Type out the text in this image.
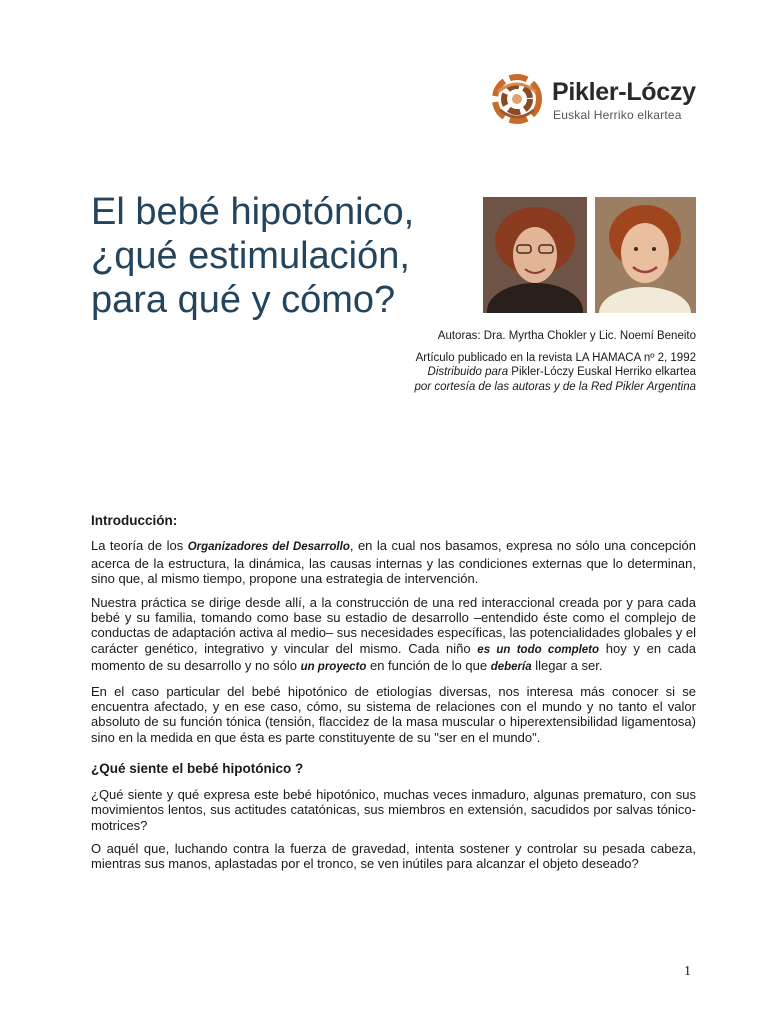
Pikler-Lóczy
Euskal Herriko elkartea
El bebé hipotónico,
¿qué estimulación,
para qué y cómo?
Autoras: Dra. Myrtha Chokler y Lic. Noemí Beneito
Artículo publicado en la revista LA HAMACA nº 2, 1992
Distribuido para Pikler-Lóczy Euskal Herriko elkartea
por cortesía de las autoras y de la Red Pikler Argentina
Introducción:

La teoría de los Organizadores del Desarrollo, en la cual nos basamos, expresa no sólo una concepción acerca de la estructura, la dinámica, las causas internas y las condiciones externas que lo determinan, sino que, al mismo tiempo, propone una estrategia de intervención.

Nuestra práctica se dirige desde allí, a la construcción de una red interaccional creada por y para cada bebé y su familia, tomando como base su estadio de desarrollo –entendido éste como el complejo de conductas de adaptación activa al medio– sus necesidades específicas, las potencialidades globales y el carácter genético, integrativo y vincular del mismo. Cada niño es un todo completo hoy y en cada momento de su desarrollo y no sólo un proyecto en función de lo que debería llegar a ser.

En el caso particular del bebé hipotónico de etiologías diversas, nos interesa más conocer si se encuentra afectado, y en ese caso, cómo, su sistema de relaciones con el mundo y no tanto el valor absoluto de su función tónica (tensión, flaccidez de la masa muscular o hiperextensibilidad ligamentosa) sino en la medida en que ésta es parte constituyente de su "ser en el mundo".

¿Qué siente el bebé hipotónico ?

¿Qué siente y qué expresa este bebé hipotónico, muchas veces inmaduro, algunas prematuro, con sus movimientos lentos, sus actitudes catatónicas, sus miembros en extensión, sacudidos por salvas tónico-motrices?

O aquél que, luchando contra la fuerza de gravedad, intenta sostener y controlar su pesada cabeza, mientras sus manos, aplastadas por el tronco, se ven inútiles para alcanzar el objeto deseado?

1
